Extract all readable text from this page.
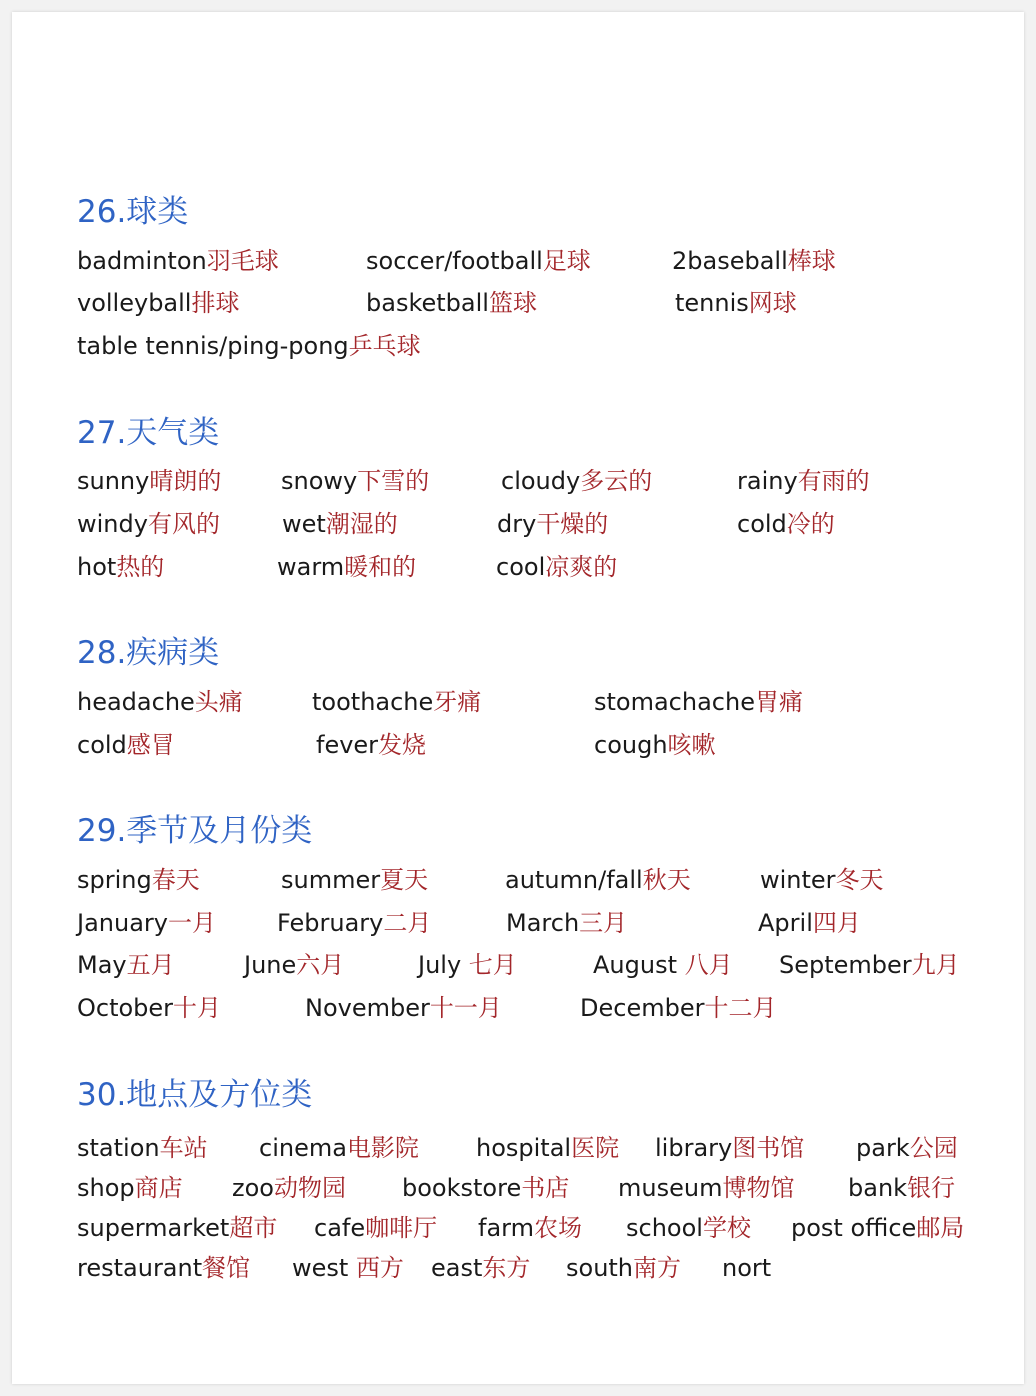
26.球类
badminton羽毛球	soccer/football足球	2baseball棒球
volleyball排球	basketball篮球	tennis网球
table tennis/ping-pong乒乓球
27.天气类
sunny晴朗的 snowy下雪的	cloudy多云的	rainy有雨的
windy有风的	wet潮湿的	dry干燥的	cold冷的
hot热的	warm暖和的	cool凉爽的
28.疾病类
headache头痛	toothache牙痛	stomachache胃痛
cold感冒	fever发烧	cough咳嗽
29.季节及月份类
spring春天	summer夏天	autumn/fall秋天	winter冬天
January一月	February二月	March三月	April四月
May五月	June六月	July 七月	August 八月 September九月
October十月	November十一月	December十二月
30.地点及方位类
station车站 cinema电影院 hospital医院 library图书馆 park公园
shop商店 zoo动物园 bookstore书店 museum博物馆 bank银行
supermarket超市 cafe咖啡厅 farm农场 school学校 post office邮局
restaurant餐馆 west 西方 east东方 south南方 nort
